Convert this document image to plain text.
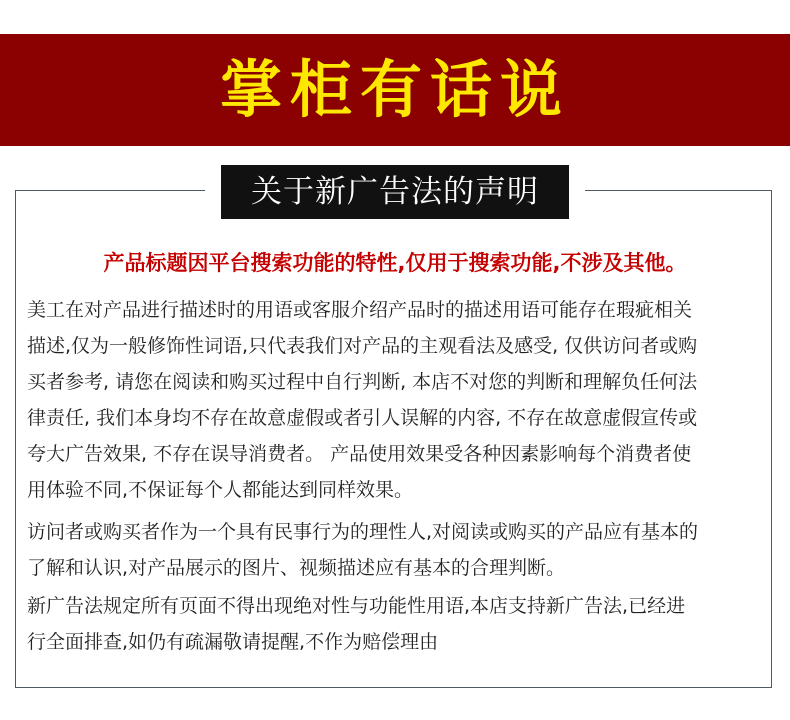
掌柜有话说
关于新广告法的声明
产品标题因平台搜索功能的特性,仅用于搜索功能,不涉及其他。
美工在对产品进行描述时的用语或客服介绍产品时的描述用语可能存在瑕疵相关
描述,仅为一般修饰性词语,只代表我们对产品的主观看法及感受, 仅供访问者或购
买者参考, 请您在阅读和购买过程中自行判断, 本店不对您的判断和理解负任何法
律责任, 我们本身均不存在故意虚假或者引人误解的内容, 不存在故意虚假宣传或
夸大广告效果, 不存在误导消费者。 产品使用效果受各种因素影响每个消费者使
用体验不同,不保证每个人都能达到同样效果。
访问者或购买者作为一个具有民事行为的理性人,对阅读或购买的产品应有基本的
了解和认识,对产品展示的图片、视频描述应有基本的合理判断。
新广告法规定所有页面不得出现绝对性与功能性用语,本店支持新广告法,已经进
行全面排查,如仍有疏漏敬请提醒,不作为赔偿理由
